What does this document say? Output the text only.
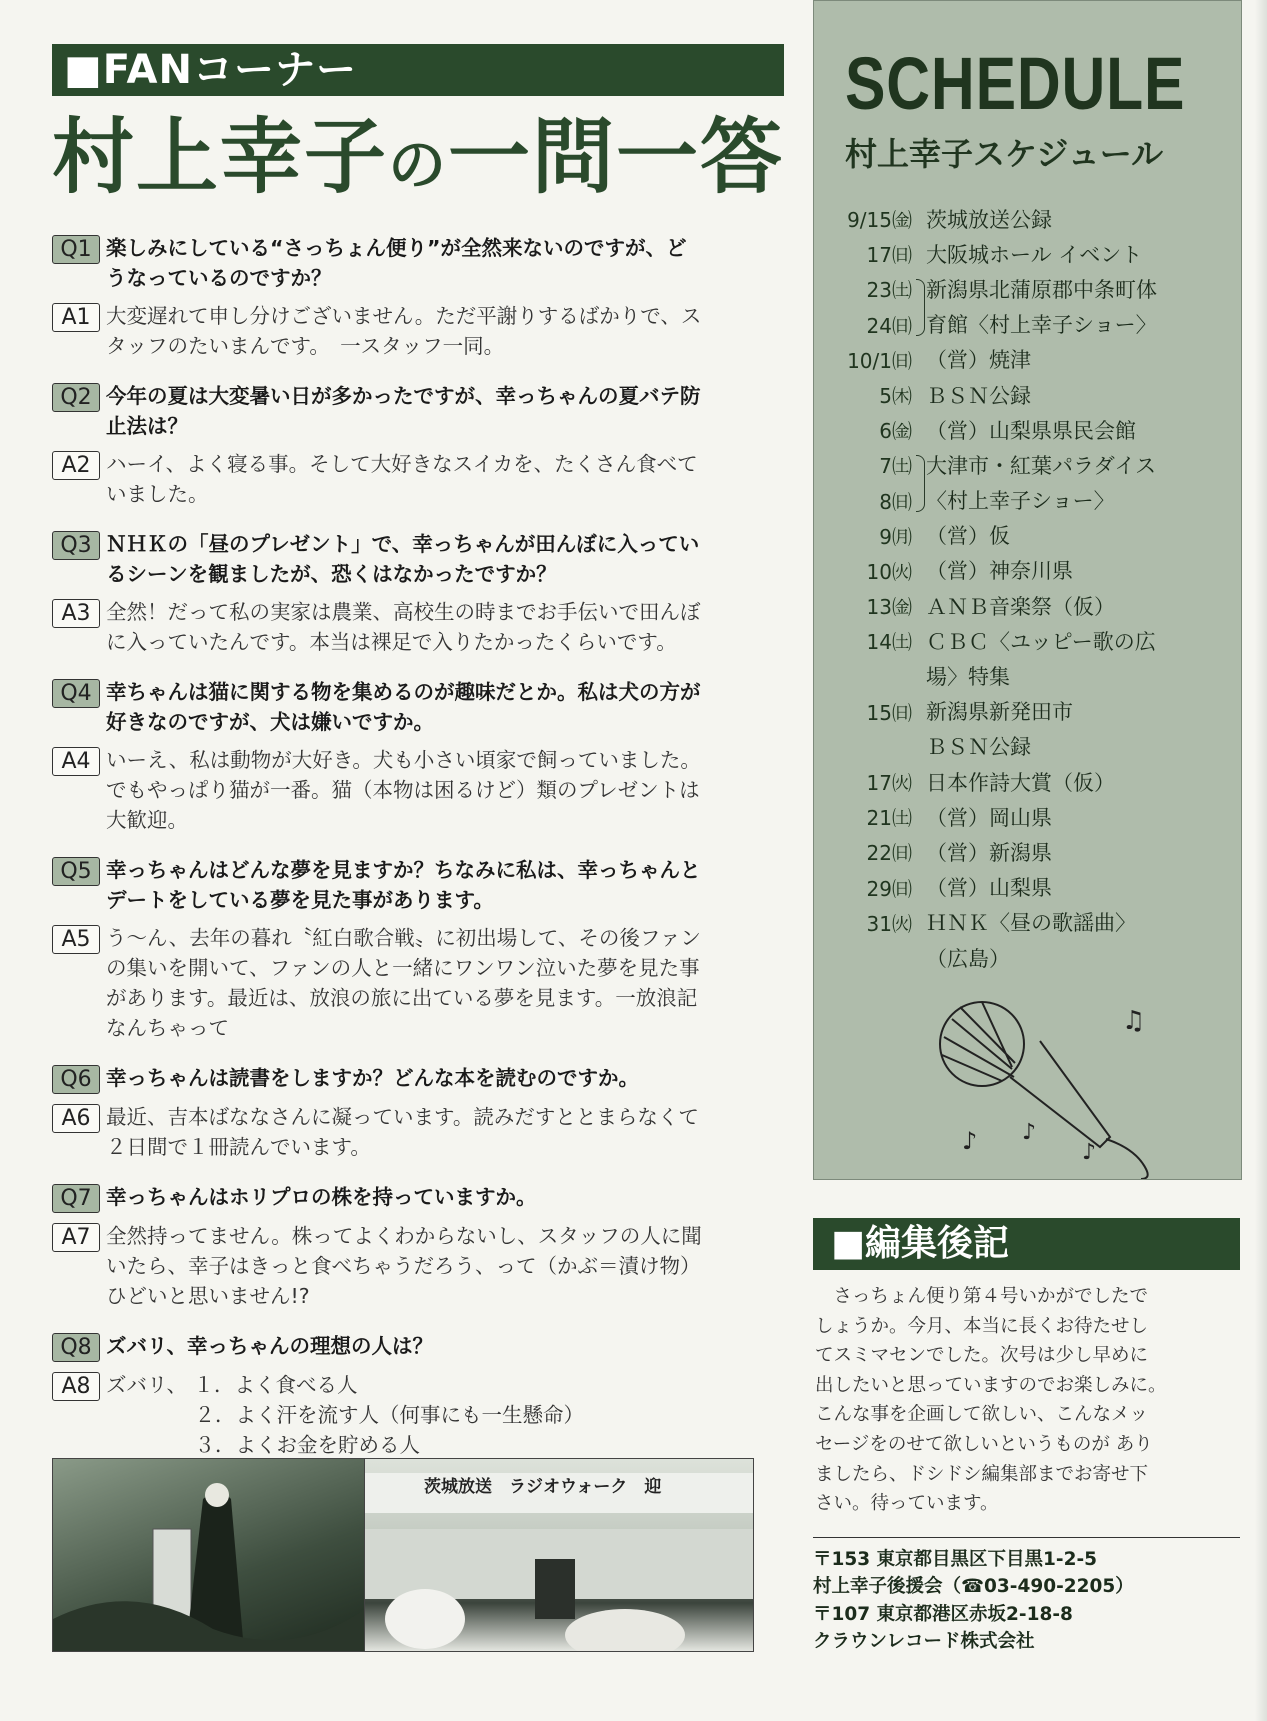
■FANコーナー
村上幸子の一問一答
Q1 楽しみにしている“さっちょん便り”が全然来ないのですが、ど
うなっているのですか？
A1 大変遅れて申し分けございません。ただ平謝りするばかりで、ス
タッフのたいまんです。　一スタッフ一同。
Q2 今年の夏は大変暑い日が多かったですが、幸っちゃんの夏バテ防
止法は？
A2 ハーイ、よく寝る事。そして大好きなスイカを、たくさん食べて
いました。
Q3 ＮＨＫの「昼のプレゼント」で、幸っちゃんが田んぼに入ってい
るシーンを観ましたが、恐くはなかったですか？
A3 全然！だって私の実家は農業、高校生の時までお手伝いで田んぼ
に入っていたんです。本当は裸足で入りたかったくらいです。
Q4 幸ちゃんは猫に関する物を集めるのが趣味だとか。私は犬の方が
好きなのですが、犬は嫌いですか。
A4 いーえ、私は動物が大好き。犬も小さい頃家で飼っていました。
でもやっぱり猫が一番。猫（本物は困るけど）類のプレゼントは
大歓迎。
Q5 幸っちゃんはどんな夢を見ますか？ちなみに私は、幸っちゃんと
デートをしている夢を見た事があります。
A5 う～ん、去年の暮れ〝紅白歌合戦〟に初出場して、その後ファン
の集いを開いて、ファンの人と一緒にワンワン泣いた夢を見た事
があります。最近は、放浪の旅に出ている夢を見ます。一放浪記
なんちゃって
Q6 幸っちゃんは読書をしますか？どんな本を読むのですか。
A6 最近、吉本ばななさんに凝っています。読みだすととまらなくて
２日間で１冊読んでいます。
Q7 幸っちゃんはホリプロの株を持っていますか。
A7 全然持ってません。株ってよくわからないし、スタッフの人に聞
いたら、幸子はきっと食べちゃうだろう、って（かぶ＝漬け物）
ひどいと思いません!?
Q8 ズバリ、幸っちゃんの理想の人は？
A8 ズバリ、 １．よく食べる人
　　　　 ２．よく汗を流す人（何事にも一生懸命）
　　　　 ３．よくお金を貯める人
茨城放送　ラジオウォーク　迎
SCHEDULE
村上幸子スケジュール
9/15㈮ 茨城放送公録
17㈰ 大阪城ホール イベント
23㈯ 新潟県北蒲原郡中条町体
24㈰ 育館〈村上幸子ショー〉
10/1㈰ （営）焼津
5㈭ ＢＳＮ公録
6㈮ （営）山梨県県民会館
7㈯ 大津市・紅葉パラダイス
8㈰ 〈村上幸子ショー〉
9㈪ （営）仮
10㈫ （営）神奈川県
13㈮ ＡＮＢ音楽祭（仮）
14㈯ ＣＢＣ〈ユッピー歌の広
場〉特集
15㈰ 新潟県新発田市
ＢＳＮ公録
17㈫ 日本作詩大賞（仮）
21㈯ （営）岡山県
22㈰ （営）新潟県
29㈰ （営）山梨県
31㈫ ＨＮＫ〈昼の歌謡曲〉
（広島）
♫
♪ ♪
♪
■編集後記
　さっちょん便り第４号いかがでしたで
しょうか。今月、本当に長くお待たせし
てスミマセンでした。次号は少し早めに
出したいと思っていますのでお楽しみに。
こんな事を企画して欲しい、こんなメッ
セージをのせて欲しいというものが あり
ましたら、ドシドシ編集部までお寄せ下
さい。待っています。
〒153 東京都目黒区下目黒1-2-5
村上幸子後援会（☎03-490-2205）
〒107 東京都港区赤坂2-18-8
クラウンレコード株式会社
